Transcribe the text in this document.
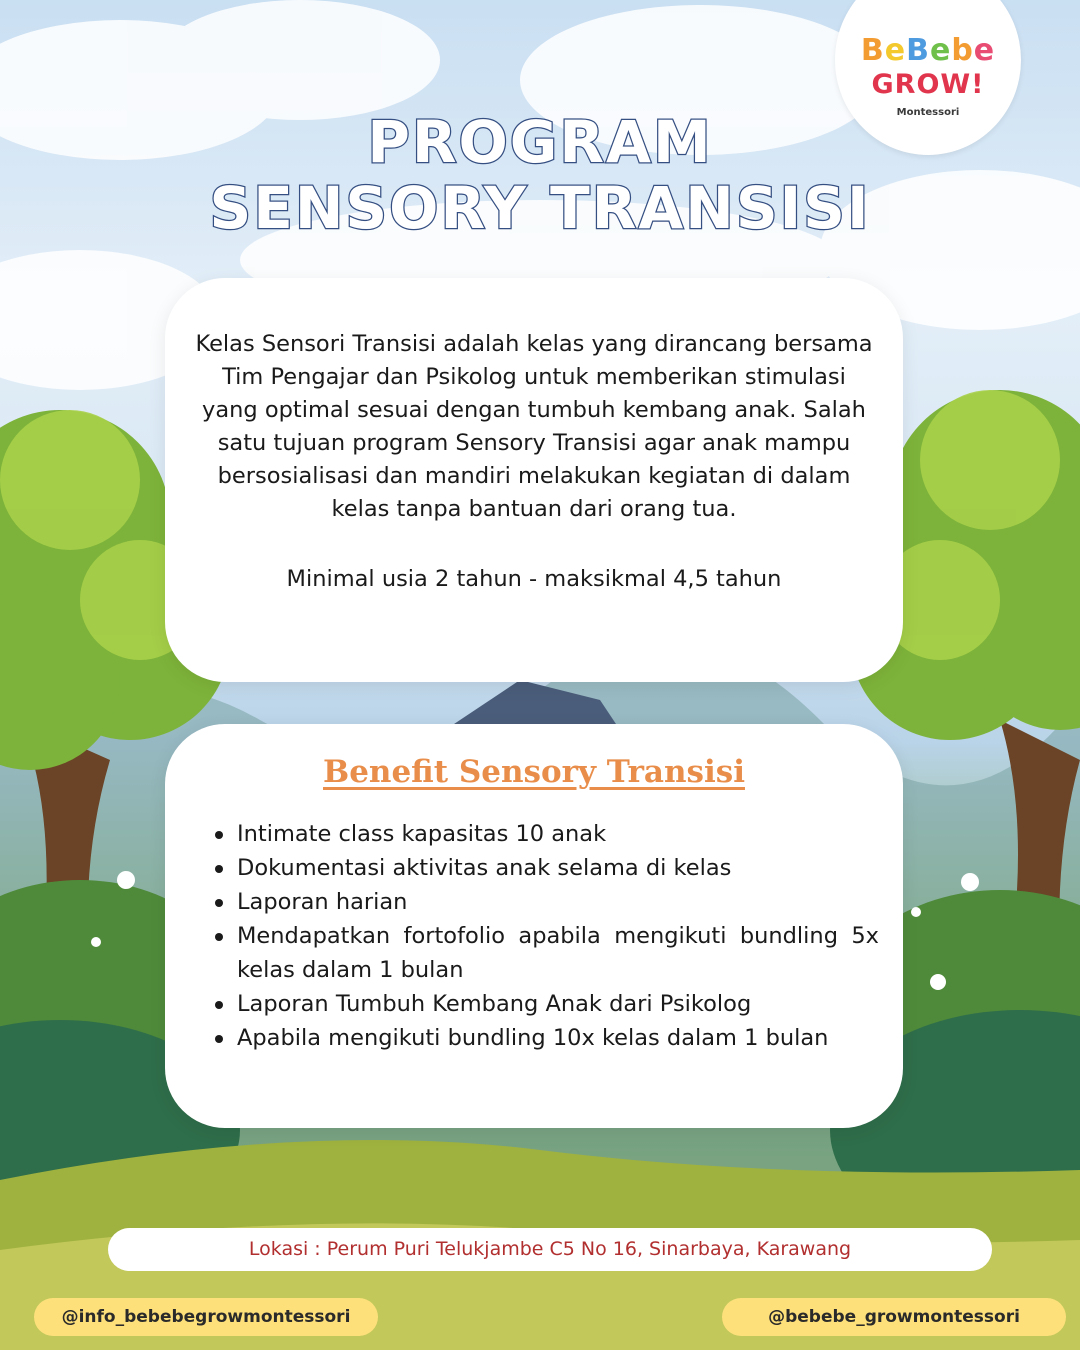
BeBebe
GROW!
Montessori
PROGRAM
SENSORY TRANSISI
Kelas Sensori Transisi adalah kelas yang dirancang bersama Tim Pengajar dan Psikolog untuk memberikan stimulasi yang optimal sesuai dengan tumbuh kembang anak. Salah satu tujuan program Sensory Transisi agar anak mampu bersosialisasi dan mandiri melakukan kegiatan di dalam kelas tanpa bantuan dari orang tua.
Minimal usia 2 tahun - maksikmal 4,5 tahun
Benefit Sensory Transisi
Intimate class kapasitas 10 anak
Dokumentasi aktivitas anak selama di kelas
Laporan harian
Mendapatkan fortofolio apabila mengikuti bundling 5x kelas dalam 1 bulan
Laporan Tumbuh Kembang Anak dari Psikolog
Apabila mengikuti bundling 10x kelas dalam 1 bulan
Lokasi : Perum Puri Telukjambe C5 No 16, Sinarbaya, Karawang
@info_bebebegrowmontessori	@bebebe_growmontessori
